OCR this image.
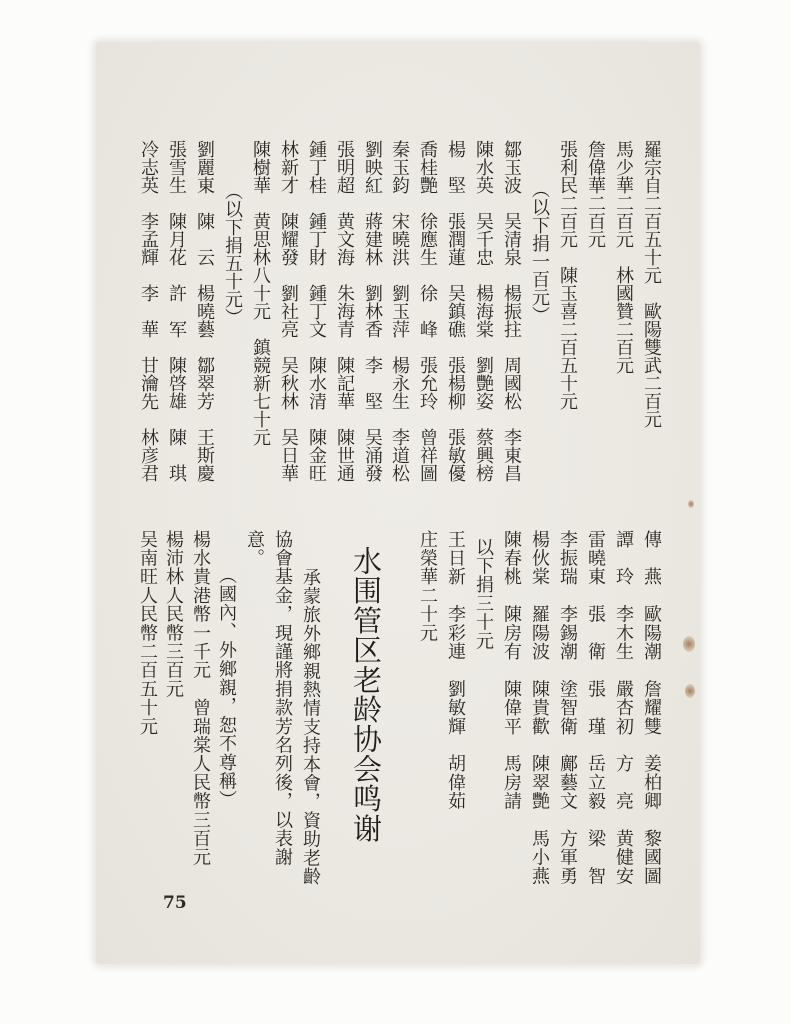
羅宗自二百五十元　歐陽雙武二百元
馬少華二百元　林國贊二百元
詹偉華二百元
張利民二百元　陳玉喜二百五十元
（以下捐一百元）
鄒玉波　吴清泉　楊振拄　周國松　李東昌
陳水英　吴千忠　楊海棠　劉艷姿　蔡興榜
楊　堅　張潤蓮　吴鎮礁　張楊柳　張敏優
喬桂艷　徐應生　徐　峰　張允玲　曾祥圖
秦玉鈞　宋曉洪　劉玉萍　楊永生　李道松
劉映紅　蔣建林　劉林香　李　堅　吴涌發
張明超　黄文海　朱海青　陳記華　陳世通
鍾丁桂　鍾丁財　鍾丁文　陳水清　陳金旺
林新才　陳耀發　劉社亮　吴秋林　吴日華
陳樹華　黄思林八十元　鎮競新七十元
（以下捐五十元）
劉麗東　陳　云　楊曉藝　鄒翠芳　王斯慶
張雪生　陳月花　許　军　陳啓雄　陳　琪
冷志英　李孟輝　李　華　甘瀹先　林彦君
傳　燕　歐陽潮　詹耀雙　姜柏卿　黎國圖
譚　玲　李木生　嚴杏初　方　亮　黄健安
雷曉東　張　衛　張　瑾　岳立毅　梁　智
李振瑞　李錫潮　塗智衛　鄺藝文　方軍勇
楊伙棠　羅陽波　陳貴歡　陳翠艷　馬小燕
陳春桃　陳房有　陳偉平　馬房請
以下捐三十元
王日新　李彩連　劉敏輝　胡偉茹
庄榮華二十元
水围管区老龄协会鸣谢
承蒙旅外鄉親熱情支持本會，資助老齡
協會基金，現謹將捐款芳名列後，以表謝
意。
（國內、外鄉親，恕不尊稱）
楊水貴港幣一千元　曾瑞棠人民幣三百元
楊沛林人民幣三百元
吴南旺人民幣二百五十元
75
